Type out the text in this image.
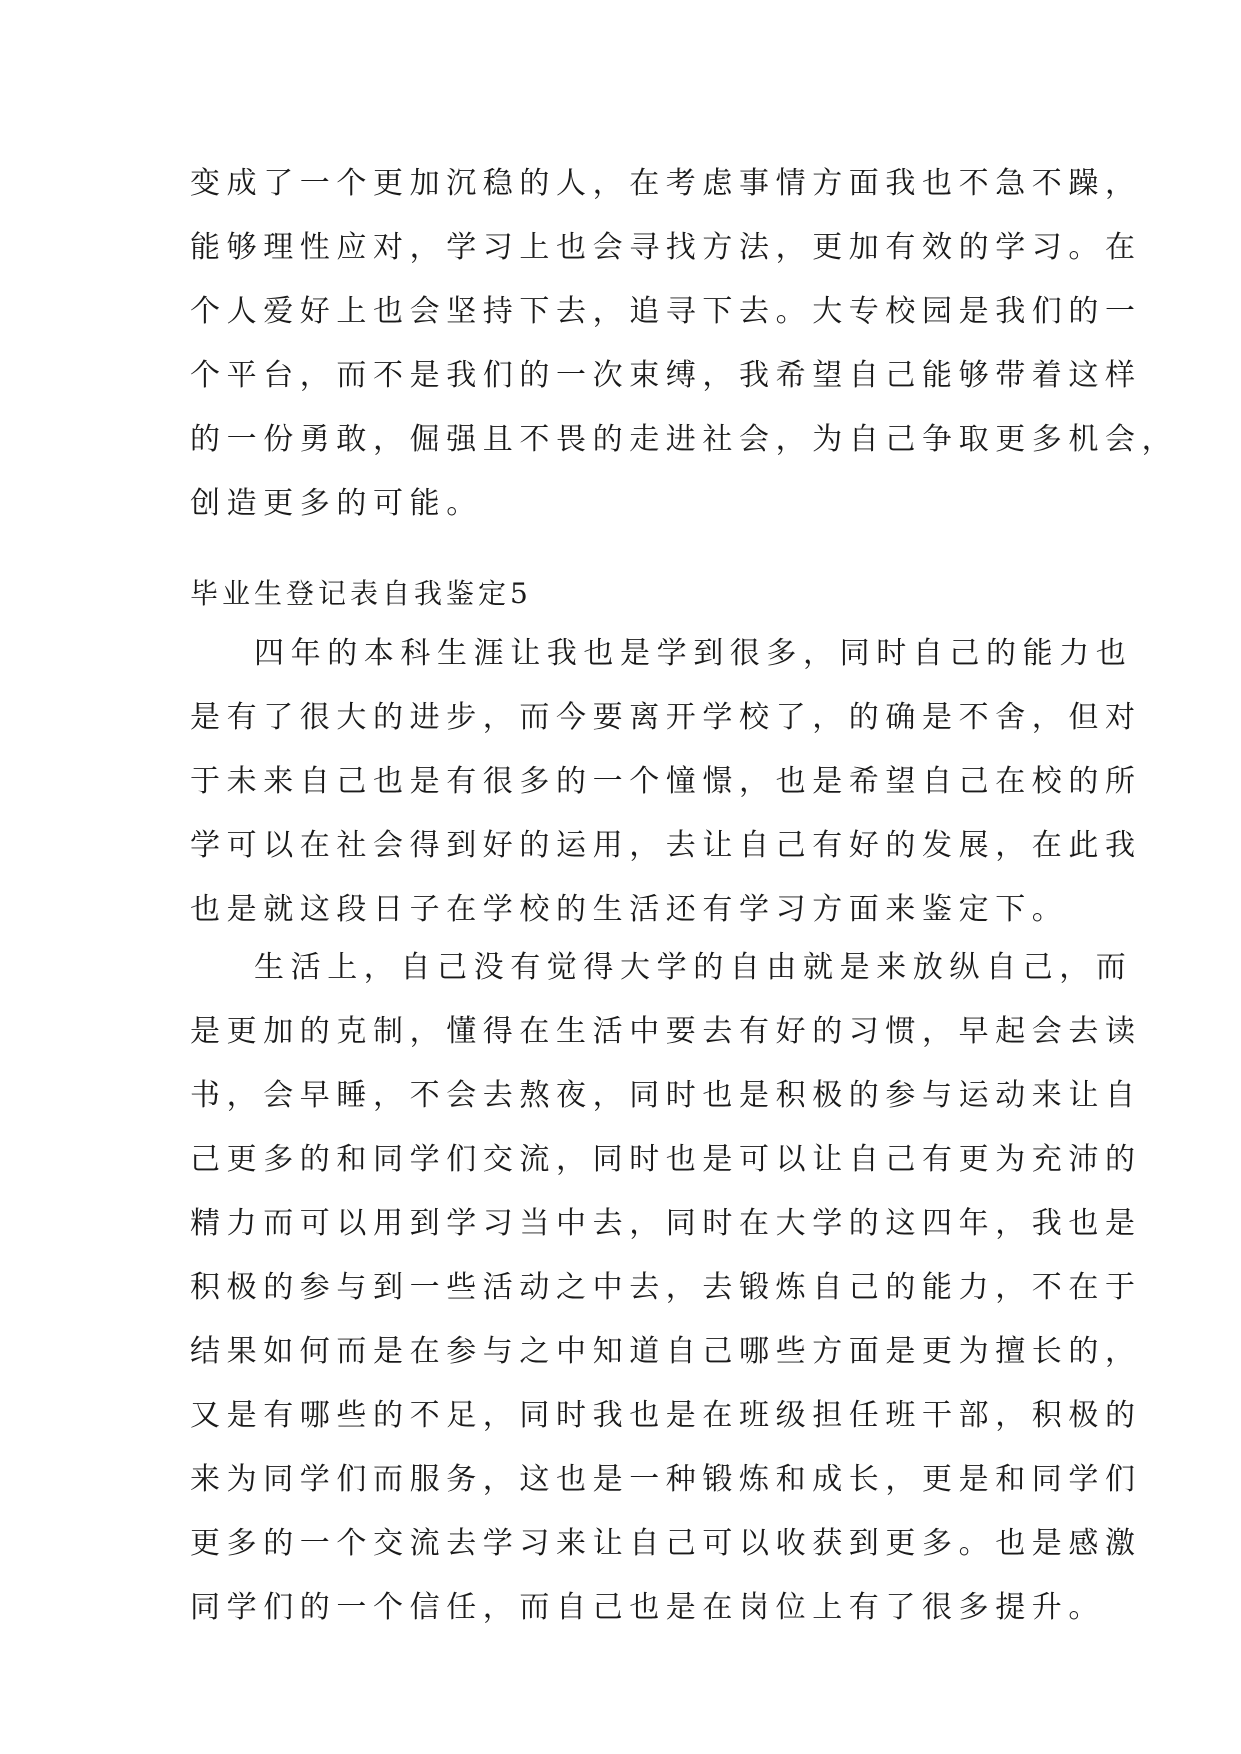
变成了一个更加沉稳的人，在考虑事情方面我也不急不躁，
能够理性应对，学习上也会寻找方法，更加有效的学习。在
个人爱好上也会坚持下去，追寻下去。大专校园是我们的一
个平台，而不是我们的一次束缚，我希望自己能够带着这样
的一份勇敢，倔强且不畏的走进社会，为自己争取更多机会，
创造更多的可能。
毕业生登记表自我鉴定5
四年的本科生涯让我也是学到很多，同时自己的能力也
是有了很大的进步，而今要离开学校了，的确是不舍，但对
于未来自己也是有很多的一个憧憬，也是希望自己在校的所
学可以在社会得到好的运用，去让自己有好的发展，在此我
也是就这段日子在学校的生活还有学习方面来鉴定下。
生活上，自己没有觉得大学的自由就是来放纵自己，而
是更加的克制，懂得在生活中要去有好的习惯，早起会去读
书，会早睡，不会去熬夜，同时也是积极的参与运动来让自
己更多的和同学们交流，同时也是可以让自己有更为充沛的
精力而可以用到学习当中去，同时在大学的这四年，我也是
积极的参与到一些活动之中去，去锻炼自己的能力，不在于
结果如何而是在参与之中知道自己哪些方面是更为擅长的，
又是有哪些的不足，同时我也是在班级担任班干部，积极的
来为同学们而服务，这也是一种锻炼和成长，更是和同学们
更多的一个交流去学习来让自己可以收获到更多。也是感激
同学们的一个信任，而自己也是在岗位上有了很多提升。
